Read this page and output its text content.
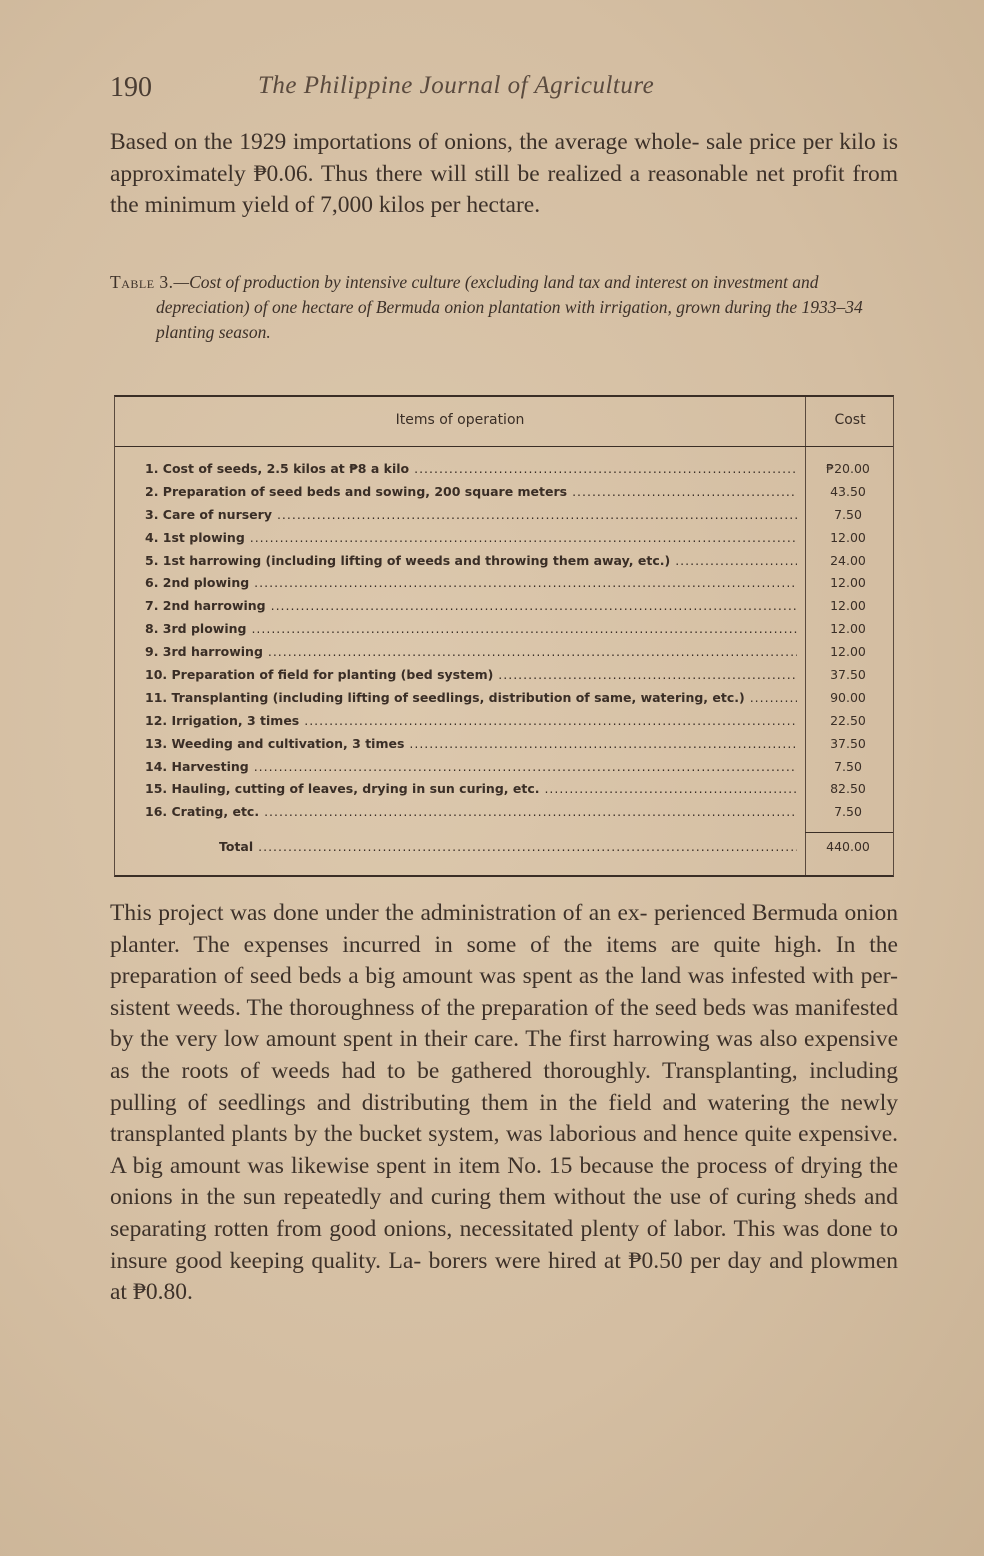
190	The Philippine Journal of Agriculture
Based on the 1929 importations of onions, the average whole- sale price per kilo is approximately ₱0.06. Thus there will still be realized a reasonable net profit from the minimum yield of 7,000 kilos per hectare.
Table 3.—Cost of production by intensive culture (excluding land tax and interest on investment and depreciation) of one hectare of Bermuda onion plantation with irrigation, grown during the 1933–34 planting season.
Items of operation	Cost
1. Cost of seeds, 2.5 kilos at ₱8 a kilo .....	₱20.00
2. Preparation of seed beds and sowing, 200 square meters .....	43.50
3. Care of nursery .....	7.50
4. 1st plowing .....	12.00
5. 1st harrowing (including lifting of weeds and throwing them away, etc.) .....	24.00
6. 2nd plowing .....	12.00
7. 2nd harrowing .....	12.00
8. 3rd plowing .....	12.00
9. 3rd harrowing .....	12.00
10. Preparation of field for planting (bed system) .....	37.50
11. Transplanting (including lifting of seedlings, distribution of same, watering, etc.) .....	90.00
12. Irrigation, 3 times .....	22.50
13. Weeding and cultivation, 3 times .....	37.50
14. Harvesting .....	7.50
15. Hauling, cutting of leaves, drying in sun curing, etc. .....	82.50
16. Crating, etc. .....	7.50
Total .....	440.00
This project was done under the administration of an ex- perienced Bermuda onion planter. The expenses incurred in some of the items are quite high. In the preparation of seed beds a big amount was spent as the land was infested with per- sistent weeds. The thoroughness of the preparation of the seed beds was manifested by the very low amount spent in their care. The first harrowing was also expensive as the roots of weeds had to be gathered thoroughly. Transplanting, including pulling of seedlings and distributing them in the field and watering the newly transplanted plants by the bucket system, was laborious and hence quite expensive. A big amount was likewise spent in item No. 15 because the process of drying the onions in the sun repeatedly and curing them without the use of curing sheds and separating rotten from good onions, necessitated plenty of labor. This was done to insure good keeping quality. La- borers were hired at ₱0.50 per day and plowmen at ₱0.80.
